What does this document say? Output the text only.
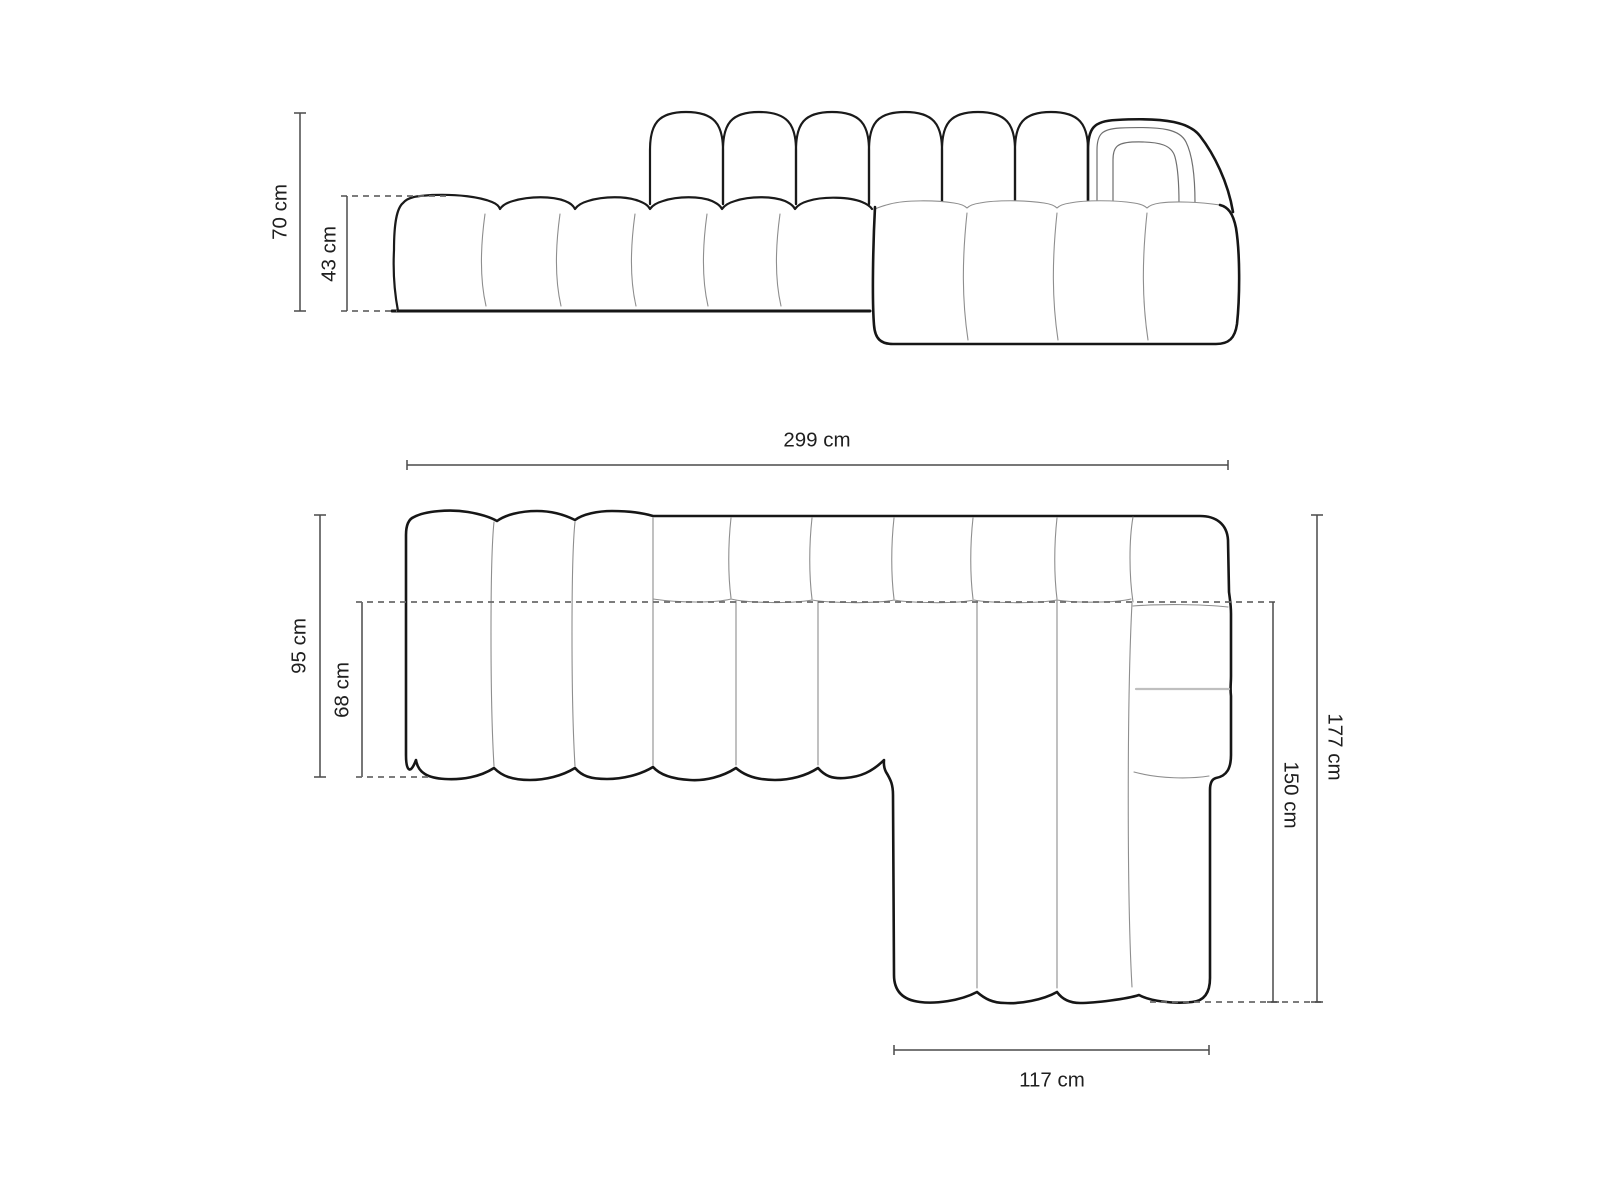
70 cm
43 cm
299 cm
95 cm
68 cm
150 cm
177 cm
117 cm
